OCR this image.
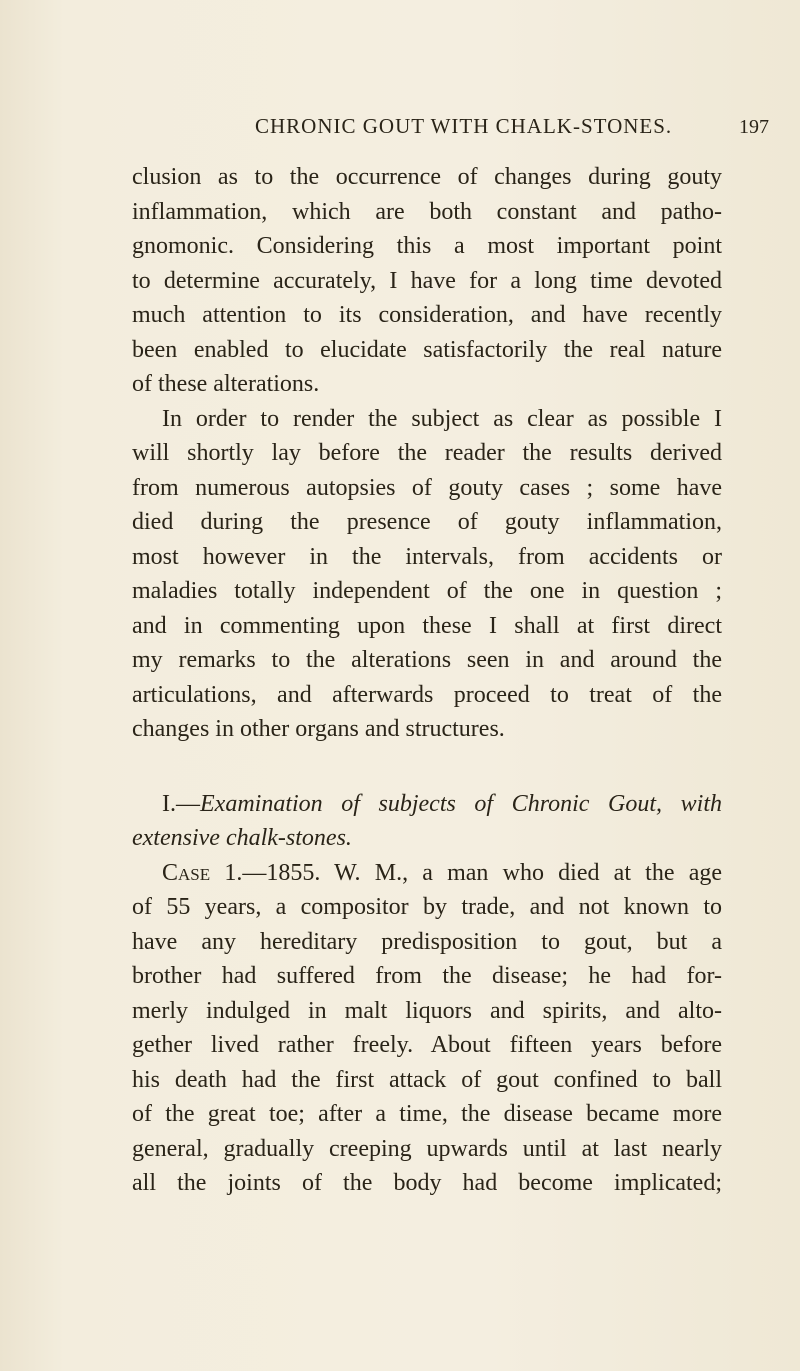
CHRONIC GOUT WITH CHALK-STONES.	197
clusion as to the occurrence of changes during gouty
inflammation, which are both constant and patho-
gnomonic. Considering this a most important point
to determine accurately, I have for a long time devoted
much attention to its consideration, and have recently
been enabled to elucidate satisfactorily the real nature
of these alterations.
In order to render the subject as clear as possible I
will shortly lay before the reader the results derived
from numerous autopsies of gouty cases ; some have
died during the presence of gouty inflammation,
most however in the intervals, from accidents or
maladies totally independent of the one in question ;
and in commenting upon these I shall at first direct
my remarks to the alterations seen in and around the
articulations, and afterwards proceed to treat of the
changes in other organs and structures.
I.—Examination of subjects of Chronic Gout, with
extensive chalk-stones.
Case 1.—1855. W. M., a man who died at the age
of 55 years, a compositor by trade, and not known to
have any hereditary predisposition to gout, but a
brother had suffered from the disease; he had for-
merly indulged in malt liquors and spirits, and alto-
gether lived rather freely. About fifteen years before
his death had the first attack of gout confined to ball
of the great toe; after a time, the disease became more
general, gradually creeping upwards until at last nearly
all the joints of the body had become implicated;
